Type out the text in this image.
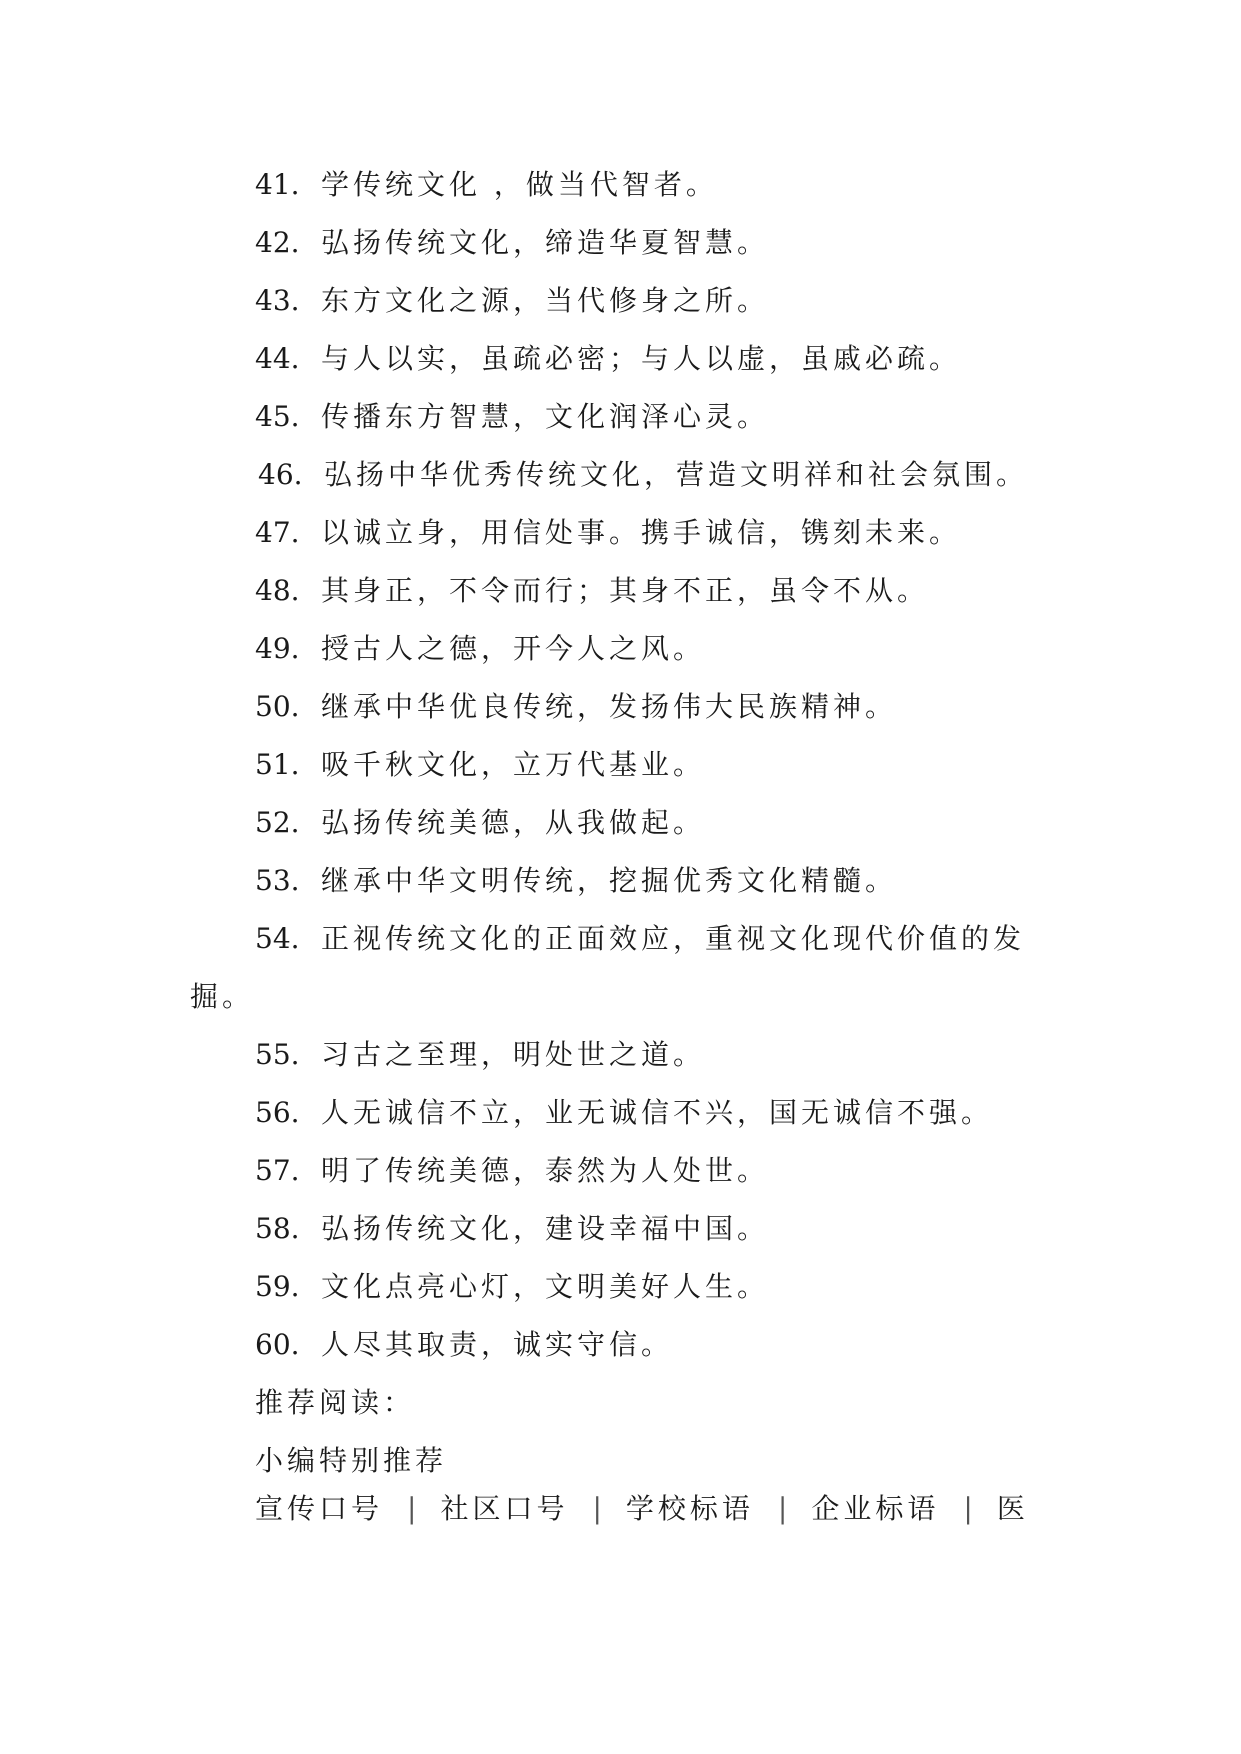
41. 学传统文化 ，做当代智者。
42. 弘扬传统文化，缔造华夏智慧。
43. 东方文化之源，当代修身之所。
44. 与人以实，虽疏必密；与人以虚，虽戚必疏。
45. 传播东方智慧，文化润泽心灵。
46. 弘扬中华优秀传统文化，营造文明祥和社会氛围。
47. 以诚立身，用信处事。携手诚信，镌刻未来。
48. 其身正，不令而行；其身不正，虽令不从。
49. 授古人之德，开今人之风。
50. 继承中华优良传统，发扬伟大民族精神。
51. 吸千秋文化，立万代基业。
52. 弘扬传统美德，从我做起。
53. 继承中华文明传统，挖掘优秀文化精髓。
54. 正视传统文化的正面效应，重视文化现代价值的发
掘。
55. 习古之至理，明处世之道。
56. 人无诚信不立，业无诚信不兴，国无诚信不强。
57. 明了传统美德，泰然为人处世。
58. 弘扬传统文化，建设幸福中国。
59. 文化点亮心灯，文明美好人生。
60. 人尽其取责，诚实守信。
推荐阅读：
小编特别推荐
宣传口号 | 社区口号 | 学校标语 | 企业标语 | 医
